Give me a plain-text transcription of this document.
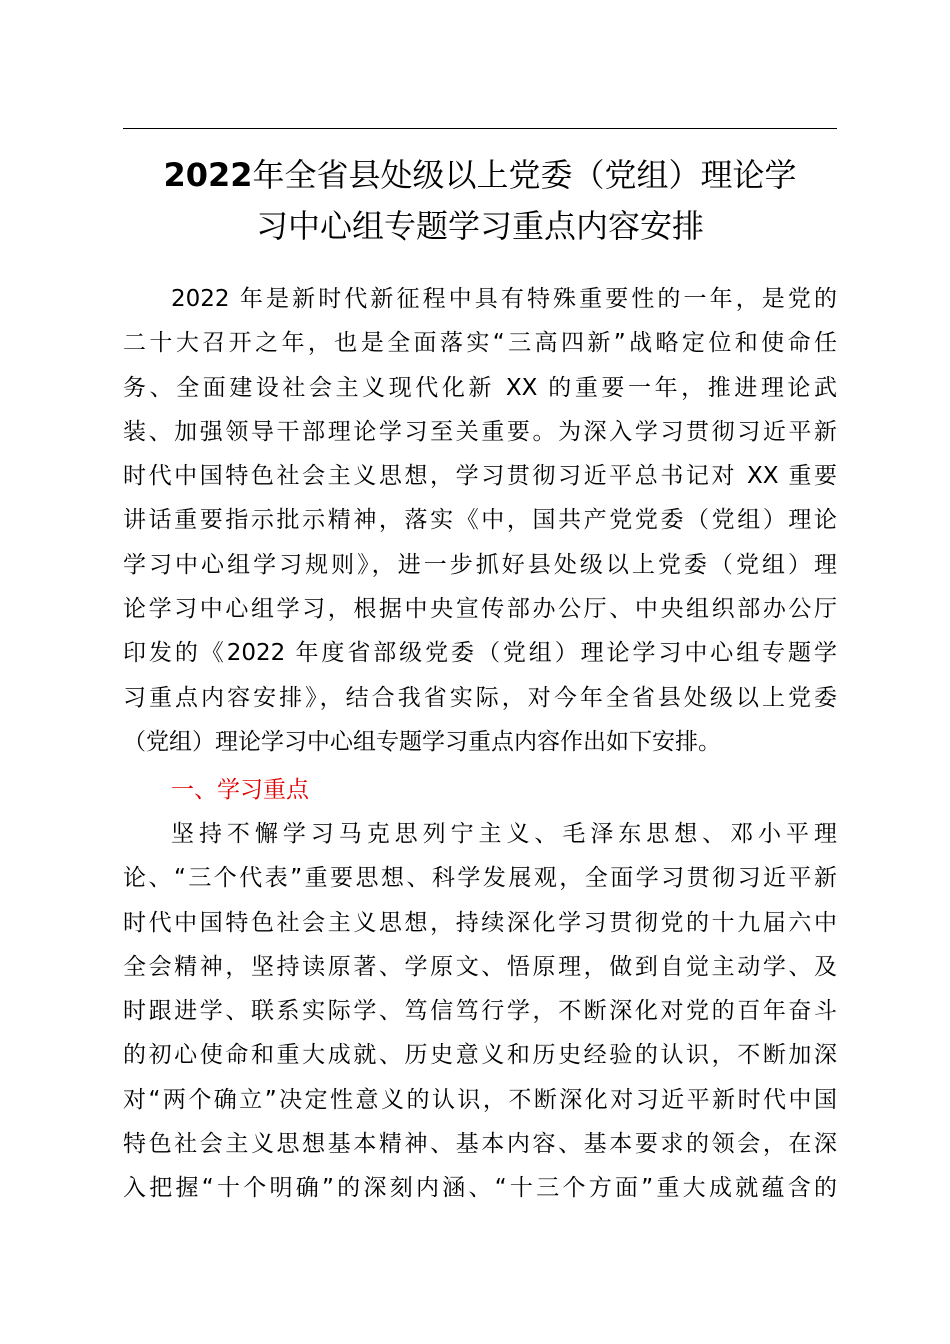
2022年全省县处级以上党委（党组）理论学
习中心组专题学习重点内容安排
2022 年是新时代新征程中具有特殊重要性的一年，是党的
二十大召开之年，也是全面落实“三高四新”战略定位和使命任
务、全面建设社会主义现代化新 XX 的重要一年，推进理论武
装、加强领导干部理论学习至关重要。为深入学习贯彻习近平新
时代中国特色社会主义思想，学习贯彻习近平总书记对 XX 重要
讲话重要指示批示精神，落实《中，国共产党党委（党组）理论
学习中心组学习规则》，进一步抓好县处级以上党委（党组）理
论学习中心组学习，根据中央宣传部办公厅、中央组织部办公厅
印发的《2022 年度省部级党委（党组）理论学习中心组专题学
习重点内容安排》，结合我省实际，对今年全省县处级以上党委
（党组）理论学习中心组专题学习重点内容作出如下安排。
一、学习重点
坚持不懈学习马克思列宁主义、毛泽东思想、邓小平理
论、“三个代表”重要思想、科学发展观，全面学习贯彻习近平新
时代中国特色社会主义思想，持续深化学习贯彻党的十九届六中
全会精神，坚持读原著、学原文、悟原理，做到自觉主动学、及
时跟进学、联系实际学、笃信笃行学，不断深化对党的百年奋斗
的初心使命和重大成就、历史意义和历史经验的认识，不断加深
对“两个确立”决定性意义的认识，不断深化对习近平新时代中国
特色社会主义思想基本精神、基本内容、基本要求的领会，在深
入把握“十个明确”的深刻内涵、“十三个方面”重大成就蕴含的
